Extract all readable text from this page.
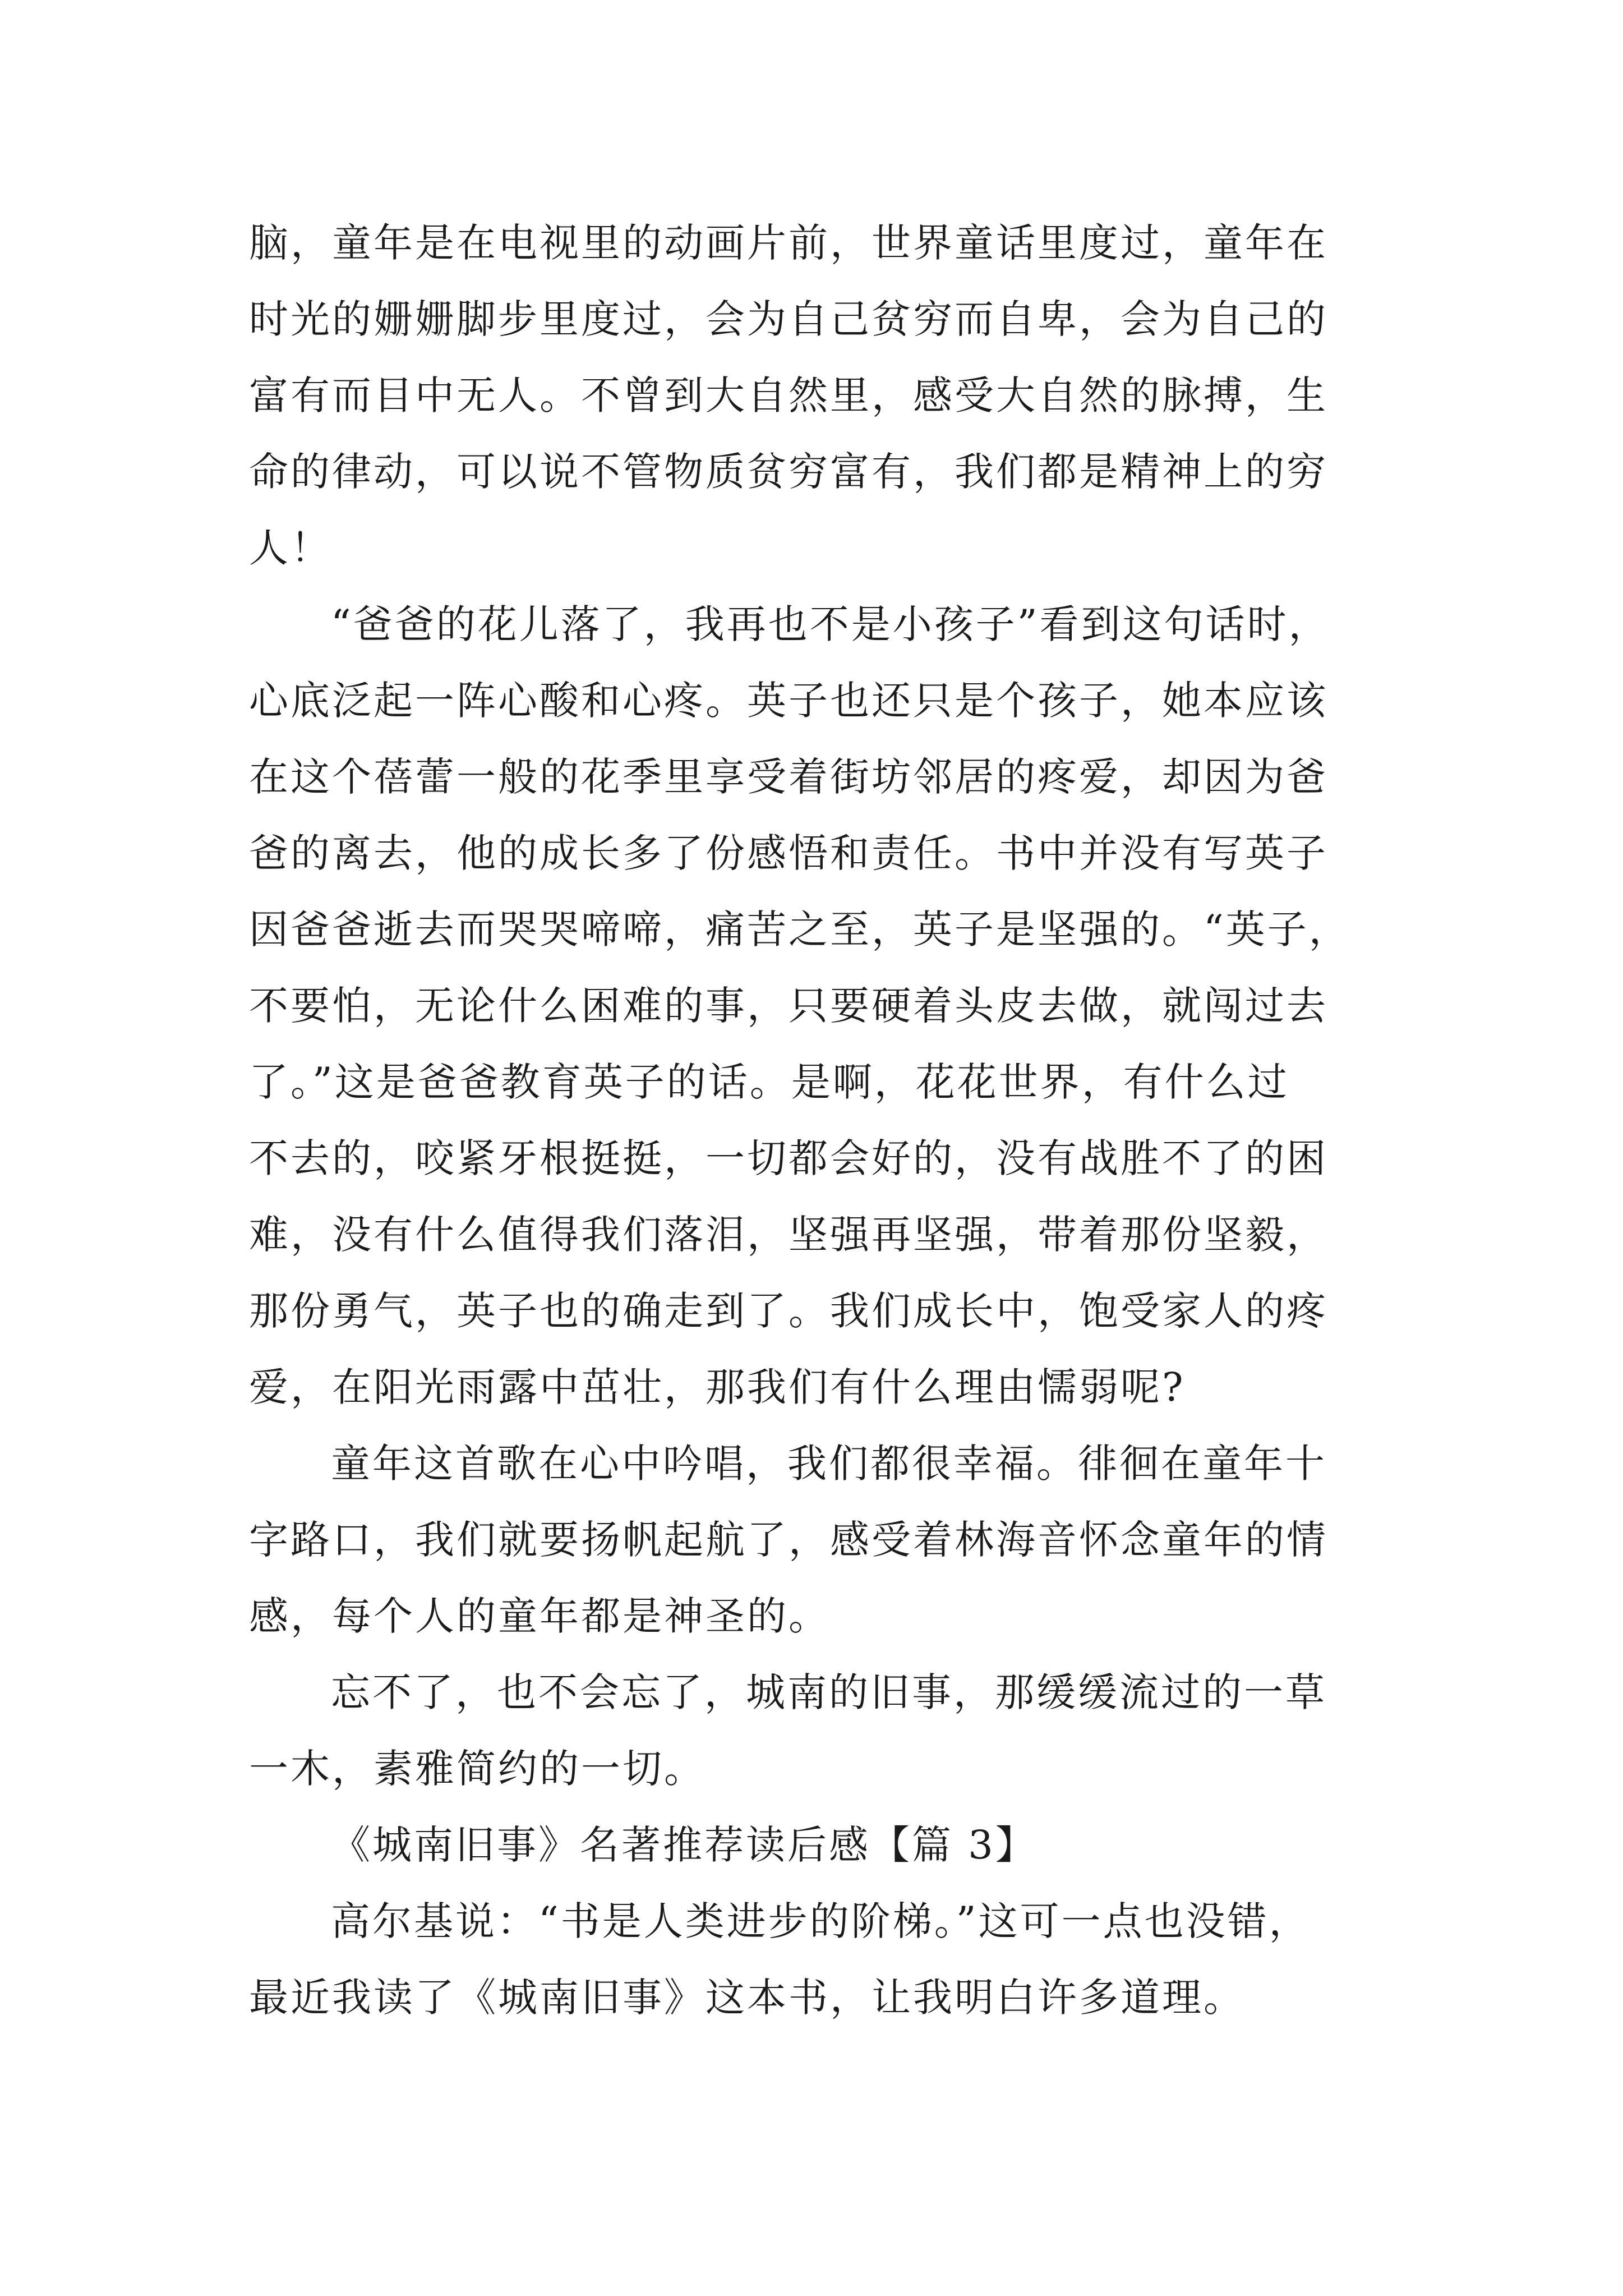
脑，童年是在电视里的动画片前，世界童话里度过，童年在
时光的姗姗脚步里度过，会为自己贫穷而自卑，会为自己的
富有而目中无人。不曾到大自然里，感受大自然的脉搏，生
命的律动，可以说不管物质贫穷富有，我们都是精神上的穷
人！
“爸爸的花儿落了，我再也不是小孩子”看到这句话时，
心底泛起一阵心酸和心疼。英子也还只是个孩子，她本应该
在这个蓓蕾一般的花季里享受着街坊邻居的疼爱，却因为爸
爸的离去，他的成长多了份感悟和责任。书中并没有写英子
因爸爸逝去而哭哭啼啼，痛苦之至，英子是坚强的。“英子，
不要怕，无论什么困难的事，只要硬着头皮去做，就闯过去
了。”这是爸爸教育英子的话。是啊，花花世界，有什么过
不去的，咬紧牙根挺挺，一切都会好的，没有战胜不了的困
难，没有什么值得我们落泪，坚强再坚强，带着那份坚毅，
那份勇气，英子也的确走到了。我们成长中，饱受家人的疼
爱，在阳光雨露中茁壮，那我们有什么理由懦弱呢?
童年这首歌在心中吟唱，我们都很幸福。徘徊在童年十
字路口，我们就要扬帆起航了，感受着林海音怀念童年的情
感，每个人的童年都是神圣的。
忘不了，也不会忘了，城南的旧事，那缓缓流过的一草
一木，素雅简约的一切。
《城南旧事》名著推荐读后感【篇 3】
高尔基说：“书是人类进步的阶梯。”这可一点也没错，
最近我读了《城南旧事》这本书，让我明白许多道理。
